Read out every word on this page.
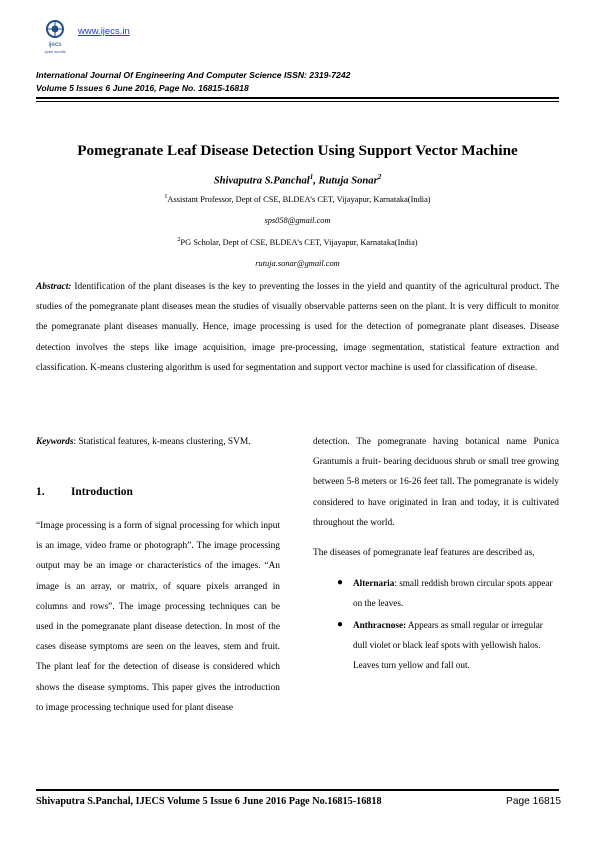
ijecs
open scrolls
www.ijecs.in
International Journal Of Engineering And Computer Science ISSN: 2319-7242
Volume 5 Issues 6 June 2016, Page No. 16815-16818
Pomegranate Leaf Disease Detection Using Support Vector Machine
Shivaputra S.Panchal$^1$, Rutuja Sonar$^2$
$^1$Assistant Professor, Dept of CSE, BLDEA’s CET, Vijayapur, Karnataka(India)
sps058@gmail.com
$^2$PG Scholar, Dept of CSE, BLDEA’s CET, Vijayapur, Karnataka(India)
rutuja.sonar@gmail.com
Abstract: Identification of the plant diseases is the key to preventing the losses in the yield and quantity of the agricultural product. The studies of the pomegranate plant diseases mean the studies of visually observable patterns seen on the plant. It is very difficult to monitor the pomegranate plant diseases manually. Hence, image processing is used for the detection of pomegranate plant diseases. Disease detection involves the steps like image acquisition, image pre-processing, image segmentation, statistical feature extraction and classification. K-means clustering algorithm is used for segmentation and support vector machine is used for classification of disease.
Keywords: Statistical features, k-means clustering, SVM.
1. Introduction

“Image processing is a form of signal processing for which input is an image, video frame or photograph”. The image processing output may be an image or characteristics of the images. “An image is an array, or matrix, of square pixels arranged in columns and rows”. The image processing techniques can be used in the pomegranate plant disease detection. In most of the cases disease symptoms are seen on the leaves, stem and fruit. The plant leaf for the detection of disease is considered which shows the disease symptoms. This paper gives the introduction to image processing technique used for plant disease

detection. The pomegranate having botanical name Punica Grantumis a fruit- bearing deciduous shrub or small tree growing between 5-8 meters or 16-26 feet tall. The pomegranate is widely considered to have originated in Iran and today, it is cultivated throughout the world.

The diseases of pomegranate leaf features are described as,

● Alternaria: small reddish brown circular spots appear on the leaves.
● Anthracnose: Appears as small regular or irregular dull violet or black leaf spots with yellowish halos. Leaves turn yellow and fall out.
Shivaputra S.Panchal, IJECS Volume 5 Issue 6 June 2016 Page No.16815-16818	Page 16815
